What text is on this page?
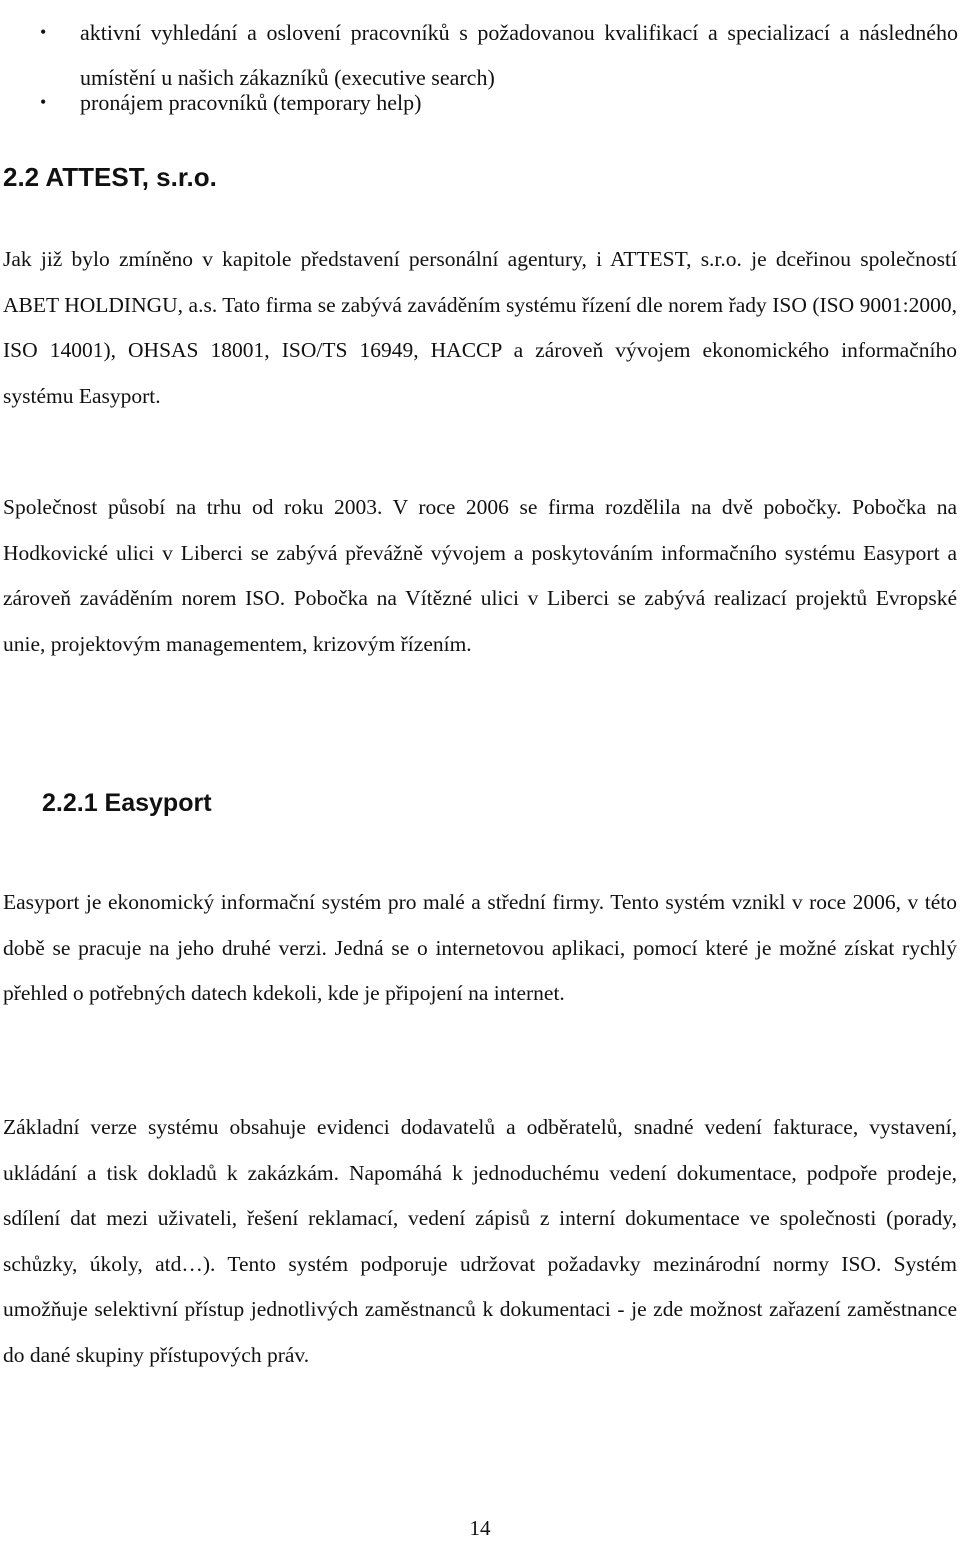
• aktivní vyhledání a oslovení pracovníků s požadovanou kvalifikací a specializací a následného umístění u našich zákazníků (executive search)
• pronájem pracovníků (temporary help)
2.2 ATTEST, s.r.o.
Jak již bylo zmíněno v kapitole představení personální agentury, i ATTEST, s.r.o. je dceřinou společností ABET HOLDINGU, a.s. Tato firma se zabývá zaváděním systému řízení dle norem řady ISO (ISO 9001:2000, ISO 14001), OHSAS 18001, ISO/TS 16949, HACCP a zároveň vývojem ekonomického informačního systému Easyport.
Společnost působí na trhu od roku 2003. V roce 2006 se firma rozdělila na dvě pobočky. Pobočka na Hodkovické ulici v Liberci se zabývá převážně vývojem a poskytováním informačního systému Easyport a zároveň zaváděním norem ISO. Pobočka na Vítězné ulici v Liberci se zabývá realizací projektů Evropské unie, projektovým managementem, krizovým řízením.
2.2.1 Easyport
Easyport je ekonomický informační systém pro malé a střední firmy. Tento systém vznikl v roce 2006, v této době se pracuje na jeho druhé verzi. Jedná se o internetovou aplikaci, pomocí které je možné získat rychlý přehled o potřebných datech kdekoli, kde je připojení na internet.
Základní verze systému obsahuje evidenci dodavatelů a odběratelů, snadné vedení fakturace, vystavení, ukládání a tisk dokladů k zakázkám. Napomáhá k jednoduchému vedení dokumentace, podpoře prodeje, sdílení dat mezi uživateli, řešení reklamací, vedení zápisů z interní dokumentace ve společnosti (porady, schůzky, úkoly, atd…). Tento systém podporuje udržovat požadavky mezinárodní normy ISO. Systém umožňuje selektivní přístup jednotlivých zaměstnanců k dokumentaci - je zde možnost zařazení zaměstnance do dané skupiny přístupových práv.
14
